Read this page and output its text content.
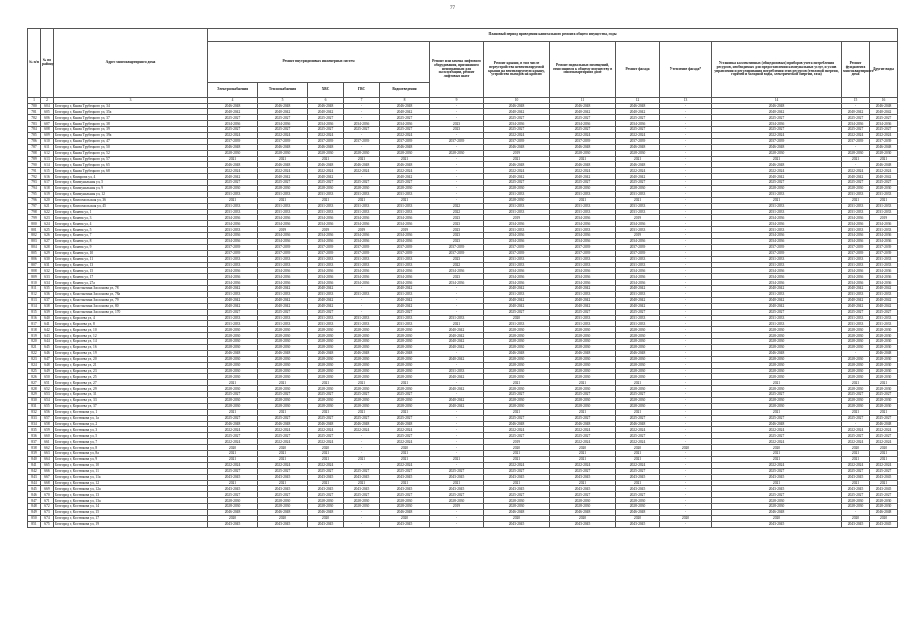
77
№ п/п	№ по району	Адрес многоквартирного дома	Плановый период проведения капитального ремонта общего имущества, годы												
			Ремонт внутридомовых инженерных систем					Ремонт или замена лифтового оборудования, признанного неисправным для эксплуатации, ремонт лифтовых шахт	Ремонт крыши, в том числе переустройство невентилируемой крыши на вентилируемую крышу, устройство выходов на кровлю	Ремонт подвальных помещений, относящихся к общему имуществу в многоквартирном доме	Ремонт фасада	Утепление фасада*	Установка коллективных (общедомовых) приборов учета потребления ресурсов, необходимых для предоставления коммунальных услуг, и узлов управления и регулирования потребления этих ресурсов (тепловой энергии, горячей и холодной воды, электрической энергии, газа)	Ремонт фундамента многоквартирного дома	Другие виды
			Электроснабжения	Теплоснабжения	ХВС	ГВС	Водоотведения								
1	2	3	4	5	6	7	8	9	10	11	12	13	14	15	16
780	604	Белгород г, Князя Трубецкого ул, 34	2046-2048	2046-2048	2046-2048	-	2046-2048	-	2046-2048	2046-2048	2046-2048	-	2046-2048	-	2046-2048
781	605	Белгород г, Князя Трубецкого ул, 35а	2040-2042	2040-2042	2040-2042	-	2040-2042	-	2040-2042	2040-2042	2040-2042	-	2040-2042	2040-2042	2040-2042
782	606	Белгород г, Князя Трубецкого ул, 37	2025-2027	2025-2027	2025-2027	-	2025-2027	-	2025-2027	2025-2027	2025-2027	-	2025-2027	2025-2027	2025-2027
783	607	Белгород г, Князя Трубецкого ул, 38	2034-2036	2034-2036	2034-2036	2034-2036	2034-2036	2023	2034-2036	2034-2036	2034-2036	-	2034-2036	2034-2036	2034-2036
784	608	Белгород г, Князя Трубецкого ул, 39	2025-2027	2025-2027	2025-2027	2025-2027	2025-2027	2023	2025-2027	2025-2027	2025-2027	-	2025-2027	2025-2027	2025-2027
785	609	Белгород г, Князя Трубецкого ул, 39а	2022-2024	2022-2024	2022-2024	-	2022-2024	-	2022-2024	2022-2024	2022-2024	-	2022-2024	2022-2024	2022-2024
786	610	Белгород г, Князя Трубецкого ул, 47	2037-2039	2037-2039	2037-2039	2037-2039	2037-2039	2037-2039	2037-2039	2037-2039	2037-2039	-	2037-2039	2037-2039	2037-2039
787	611	Белгород г, Князя Трубецкого ул, 50	2046-2048	2046-2048	2046-2048	-	2046-2048	-	2046-2048	2046-2048	2046-2048	-	2046-2048	-	2046-2048
788	612	Белгород г, Князя Трубецкого ул, 52	2028-2030	2028-2030	2028-2030	2028-2030	2028-2030	2028-2030	2019	2028-2030	2028-2030	-	2028-2030	2028-2030	2028-2030
789	613	Белгород г, Князя Трубецкого ул, 57	2021	2021	2021	2021	2021	-	2021	2021	2021	-	2021	2021	2021
790	614	Белгород г, Князя Трубецкого ул, 65	2046-2048	2046-2048	2046-2048	2046-2048	2046-2048	-	2046-2048	2046-2048	2046-2048	-	2046-2048	-	2046-2048
791	615	Белгород г, Князя Трубецкого ул, 68	2022-2024	2022-2024	2022-2024	2022-2024	2022-2024	-	2022-2024	2022-2024	2022-2024	-	2022-2024	2022-2024	2022-2024
792	616	Белгород г, Комарова ул, 4	2040-2042	2040-2042	2040-2042	-	2040-2042	-	2040-2042	2040-2042	2040-2042	-	2040-2042	2040-2042	2040-2042
793	617	Белгород г, Коммунальная ул, 5	2025-2027	2025-2027	2025-2027	2025-2027	2025-2027	-	2025-2027	2025-2027	2025-2027	-	2025-2027	2025-2027	2025-2027
794	618	Белгород г, Коммунальная ул, 9	2028-2030	2028-2030	2028-2030	2028-2030	2028-2030	-	2028-2030	2028-2030	2028-2030	-	2028-2030	2028-2030	2028-2030
795	619	Белгород г, Коммунальная ул, 12	2031-2033	2031-2033	2031-2033	2031-2033	2031-2033	-	2031-2033	2031-2033	2031-2033	-	2031-2033	2031-2033	2031-2033
796	620	Белгород г, Комсомольская ул, 36	2021	2021	2021	2021	2021	-	2028-2030	2021	2021	-	2021	2021	2021
797	621	Белгород г, Комсомольская ул, 45	2031-2033	2031-2033	2031-2033	2031-2033	2031-2033	2022	2031-2033	2031-2033	2031-2033	-	2031-2033	2031-2033	2031-2033
798	622	Белгород г, Конева ул, 1	2031-2033	2031-2033	2031-2033	2031-2033	2031-2033	2022	2031-2033	2031-2033	2031-2033	-	2031-2033	2031-2033	2031-2033
799	623	Белгород г, Конева ул, 3	2034-2036	2034-2036	2034-2036	2034-2036	2034-2036	2023	2019	2034-2036	2019	-	2034-2036	2034-2036	2019
800	624	Белгород г, Конева ул, 4	2034-2036	2034-2036	2034-2036	2034-2036	2034-2036	2023	2034-2036	2034-2036	2034-2036	-	2034-2036	2034-2036	2034-2036
801	625	Белгород г, Конева ул, 5	2031-2033	2019	2019	2019	2019	2023	2031-2033	2031-2033	2031-2033	-	2031-2033	2031-2033	2031-2033
802	626	Белгород г, Конева ул, 7	2034-2036	2034-2036	2034-2036	2034-2036	2034-2036	2023	2034-2036	2034-2036	2019	-	2034-2036	2034-2036	2034-2036
803	627	Белгород г, Конева ул, 8	2034-2036	2034-2036	2034-2036	2034-2036	2034-2036	2023	2034-2036	2034-2036	2034-2036	-	2034-2036	2034-2036	2034-2036
804	628	Белгород г, Конева ул, 9	2037-2039	2037-2039	2037-2039	2037-2039	2037-2039	2037-2039	2037-2039	2037-2039	2037-2039	-	2037-2039	2037-2039	2037-2039
805	629	Белгород г, Конева ул, 10	2037-2039	2037-2039	2037-2039	2037-2039	2037-2039	2037-2039	2037-2039	2037-2039	2037-2039	-	2037-2039	2037-2039	2037-2039
806	630	Белгород г, Конева ул, 11	2031-2033	2031-2033	2031-2033	2031-2033	2031-2033	2023	2031-2033	2031-2033	2031-2033	-	2031-2033	2031-2033	2031-2033
807	631	Белгород г, Конева ул, 13	2031-2033	2031-2033	2031-2033	2031-2033	2031-2033	2022	2031-2033	2031-2033	2031-2033	-	2031-2033	2031-2033	2031-2033
808	632	Белгород г, Конева ул, 15	2034-2036	2034-2036	2034-2036	2034-2036	2034-2036	2034-2036	2034-2036	2034-2036	2034-2036	-	2034-2036	2034-2036	2034-2036
809	633	Белгород г, Конева ул, 17	2034-2036	2034-2036	2034-2036	2034-2036	2034-2036	2023	2034-2036	2034-2036	2034-2036	-	2034-2036	2034-2036	2034-2036
810	634	Белгород г, Конева ул, 27а	2034-2036	2034-2036	2034-2036	2034-2036	2034-2036	2034-2036	2034-2036	2034-2036	2034-2036	-	2034-2036	2034-2036	2034-2036
811	635	Белгород г, Константина Заслонова ул, 78	2040-2042	2040-2042	2040-2042	-	2040-2042	-	2040-2042	2040-2042	2040-2042	-	2040-2042	2040-2042	2040-2042
812	636	Белгород г, Константина Заслонова ул, 78а	2031-2033	2031-2033	2031-2033	2031-2033	2031-2033	-	2031-2033	2031-2033	2031-2033	-	2031-2033	2031-2033	2031-2033
813	637	Белгород г, Константина Заслонова ул, 79	2040-2042	2040-2042	2040-2042	-	2040-2042	-	2040-2042	2040-2042	2040-2042	-	2040-2042	2040-2042	2040-2042
814	638	Белгород г, Константина Заслонова ул, 80	2040-2042	2040-2042	2040-2042	-	2040-2042	-	2040-2042	2040-2042	2040-2042	-	2040-2042	2040-2042	2040-2042
815	639	Белгород г, Константина Заслонова ул, 170	2025-2027	2025-2027	2025-2027	-	2025-2027	-	2025-2027	2025-2027	2025-2027	-	2025-2027	2025-2027	2025-2027
816	640	Белгород г, Королева ул, 4	2031-2033	2031-2033	2031-2033	2031-2033	2031-2033	2031-2033	2020	2031-2033	2031-2033	-	2031-2033	2031-2033	2031-2033
817	641	Белгород г, Королева ул, 8	2031-2033	2031-2033	2031-2033	2031-2033	2031-2033	2021	2031-2033	2031-2033	2031-2033	-	2031-2033	2031-2033	2031-2033
818	642	Белгород г, Королева ул, 10	2028-2030	2028-2030	2028-2030	2028-2030	2028-2030	2040-2042	2028-2030	2028-2030	2028-2030	-	2028-2030	2028-2030	2028-2030
819	643	Белгород г, Королева ул, 12	2028-2030	2028-2030	2028-2030	2028-2030	2028-2030	2040-2042	2028-2030	2028-2030	2028-2030	-	2028-2030	2028-2030	2028-2030
820	644	Белгород г, Королева ул, 14	2028-2030	2028-2030	2028-2030	2028-2030	2028-2030	2040-2042	2028-2030	2028-2030	2028-2030	-	2028-2030	2028-2030	2028-2030
821	645	Белгород г, Королева ул, 16	2028-2030	2028-2030	2028-2030	2028-2030	2028-2030	2040-2042	2028-2030	2028-2030	2028-2030	-	2028-2030	2028-2030	2028-2030
822	646	Белгород г, Королева ул, 19	2046-2048	2046-2048	2046-2048	2046-2048	2046-2048	-	2046-2048	2046-2048	2046-2048	-	2046-2048	-	2046-2048
823	647	Белгород г, Королева ул, 20	2028-2030	2028-2030	2028-2030	2028-2030	2028-2030	2040-2042	2028-2030	2028-2030	2028-2030	-	2028-2030	2028-2030	2028-2030
824	648	Белгород г, Королева ул, 21	2028-2030	2028-2030	2028-2030	2028-2030	2028-2030	-	2028-2030	2028-2030	2028-2030	-	2028-2030	2028-2030	2028-2030
825	649	Белгород г, Королева ул, 23	2028-2030	2028-2030	2028-2030	2028-2030	2028-2030	2031-2033	2028-2030	2028-2030	2028-2030	-	2028-2030	2028-2030	2028-2030
826	650	Белгород г, Королева ул, 25	2028-2030	2028-2030	2028-2030	2028-2030	2028-2030	2040-2042	2028-2030	2028-2030	2028-2030	-	2028-2030	2028-2030	2028-2030
827	651	Белгород г, Королева ул, 27	2021	2021	2021	2021	2021	-	2021	2021	2021	-	2021	2021	2021
828	652	Белгород г, Королева ул, 29	2028-2030	2028-2030	2028-2030	2028-2030	2028-2030	2040-2042	2028-2030	2028-2030	2028-2030	-	2028-2030	2028-2030	2028-2030
829	653	Белгород г, Королева ул, 31	2025-2027	2025-2027	2025-2027	2025-2027	2025-2027	-	2025-2027	2025-2027	2025-2027	-	2025-2027	2025-2027	2025-2027
830	654	Белгород г, Королева ул, 33	2028-2030	2028-2030	2028-2030	2028-2030	2028-2030	2040-2042	2028-2030	2028-2030	2028-2030	-	2028-2030	2028-2030	2028-2030
831	655	Белгород г, Королева ул, 37	2028-2030	2028-2030	2028-2030	2028-2030	2028-2030	2040-2042	2028-2030	2028-2030	2028-2030	-	2028-2030	2028-2030	2028-2030
832	656	Белгород г, Костюкова ул, 1	2021	2021	2021	2021	2021	-	2021	2021	2021	-	2021	2021	2021
833	657	Белгород г, Костюкова ул, 1а	2025-2027	2025-2027	2025-2027	2025-2027	2025-2027	-	2025-2027	2025-2027	2025-2027	-	2025-2027	2025-2027	2025-2027
834	658	Белгород г, Костюкова ул, 2	2046-2048	2046-2048	2046-2048	2046-2048	2046-2048	-	2046-2048	2046-2048	2046-2048	-	2046-2048	-	2046-2048
835	659	Белгород г, Костюкова ул, 3	2022-2024	2022-2024	2022-2024	2022-2024	2022-2024	-	2022-2024	2022-2024	2022-2024	-	2022-2024	2022-2024	2022-2024
836	660	Белгород г, Костюкова ул, 5	2025-2027	2025-2027	2025-2027	-	2025-2027	-	2025-2027	2025-2027	2025-2027	-	2025-2027	2025-2027	2025-2027
837	661	Белгород г, Костюкова ул, 7	2022-2024	2022-2024	2022-2024	-	2022-2024	-	2019	2022-2024	2022-2024	-	2022-2024	2022-2024	2022-2024
838	662	Белгород г, Костюкова ул, 8	2020	2020	2020	-	2020	-	2020	2020	2020	2020	2020	2020	2020
839	663	Белгород г, Костюкова ул, 8а	2021	2021	2021	-	2021	-	2021	2021	2021	-	2021	2021	2021
840	664	Белгород г, Костюкова ул, 9	2021	2021	2021	2021	2021	2021	2021	2021	2021	-	2021	2021	2021
841	665	Белгород г, Костюкова ул, 10	2022-2024	2022-2024	2022-2024	-	2022-2024	-	2022-2024	2022-2024	2022-2024	-	2022-2024	2022-2024	2022-2024
842	666	Белгород г, Костюкова ул, 11	2025-2027	2025-2027	2025-2027	2025-2027	2025-2027	2025-2027	2025-2027	2025-2027	2025-2027	-	2025-2027	2025-2027	2025-2027
843	667	Белгород г, Костюкова ул, 11а	2043-2045	2043-2045	2043-2045	2043-2045	2043-2045	2043-2045	2043-2045	2043-2045	2043-2045	-	2043-2045	2043-2045	2043-2045
844	668	Белгород г, Костюкова ул, 12	2021	2021	2021	2021	2021	2021	2021	2021	2021	-	2021	2021	2021
845	669	Белгород г, Костюкова ул, 12а	2043-2045	2043-2045	2043-2045	2043-2045	2043-2045	2043-2045	2043-2045	2043-2045	2043-2045	-	2043-2045	2043-2045	2043-2045
846	670	Белгород г, Костюкова ул, 13	2025-2027	2025-2027	2025-2027	2025-2027	2025-2027	2025-2027	2025-2027	2025-2027	2025-2027	-	2025-2027	2025-2027	2025-2027
847	671	Белгород г, Костюкова ул, 13а	2028-2030	2028-2030	2028-2030	2028-2030	2028-2030	2028-2030	2028-2030	2028-2030	2028-2030	-	2028-2030	2028-2030	2028-2030
848	672	Белгород г, Костюкова ул, 14	2028-2030	2028-2030	2028-2030	2028-2030	2028-2030	2019	2028-2030	2028-2030	2028-2030	-	2028-2030	2028-2030	2028-2030
849	673	Белгород г, Костюкова ул, 15	2046-2048	2046-2048	2046-2048	-	2046-2048	-	2046-2048	2046-2048	2046-2048	-	2046-2048	-	2046-2048
850	674	Белгород г, Костюкова ул, 17	2020	2020	2020	-	2020	-	2020	2020	2020	2020	2020	2020	2020
851	675	Белгород г, Костюкова ул, 19	2043-2045	2043-2045	2043-2045	-	2043-2045	-	2043-2045	2043-2045	2043-2045	-	2043-2045	2043-2045	2043-2045
